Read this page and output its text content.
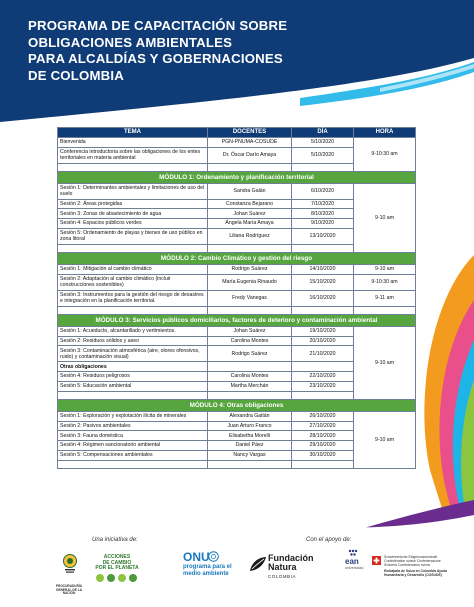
PROGRAMA DE CAPACITACIÓN SOBRE
OBLIGACIONES AMBIENTALES
PARA ALCALDÍAS Y GOBERNACIONES
DE COLOMBIA
TEMA	DOCENTES	DÍA	HORA
Bienvenida	PGN-PNUMA-COSUDE	5/10/2020	9-10:30 am
Conferencia introductoria sobre las obligaciones de los entes territoriales en materia ambiental	Dr. Óscar Darío Amaya	5/10/2020	

MÓDULO 1: Ordenamiento y planificación territorial			
Sesión 1: Determinantes ambientales y limitaciones de uso del suelo	Sandra Galán	6/10/2020	9-10 am
Sesión 2: Áreas protegidas	Constanza Bejarano	7/10/2020	
Sesión 3: Zonas de abastecimiento de agua	Johan Suárez	8/10/2020	
Sesión 4: Espacios públicos verdes	Ángela María Amaya	9/10/2020	
Sesión 5: Ordenamiento de playas y bienes de uso público en zona litoral	Liliana Rodríguez	13/10/2020	

MÓDULO 2: Cambio Climático y gestión del riesgo			
Sesión 1: Mitigación al cambio climático	Rodrigo Suárez	14/10/2020	9-10 am
Sesión 2: Adaptación al cambio climático (incluir construcciones sostenibles)	María Eugenia Rinaudo	15/10/2020	9-10:30 am
Sesión 3: Instrumentos para la gestión del riesgo de desastres e integración en la planificación territorial.	Fredy Vanegas	16/10/2020	9-11 am

MÓDULO 3: Servicios públicos domiciliarios, factores de deterioro y contaminación ambiental			
Sesión 1: Acueducto, alcantarillado y vertimientos.	Johan Suárez	19/10/2020	9-10 am
Sesión 2: Residuos sólidos y aseo	Carolina Montes	20/10/2020	
Sesión 3: Contaminación atmosférica (aire, olores ofensivos, ruido) y contaminación visual)	Rodrigo Suárez	21/10/2020	
Otras obligaciones			
Sesión 4: Residuos peligrosos	Carolina Montes	22/10/2020	
Sesión 5: Educación ambiental	Martha Merchán	23/10/2020	

MÓDULO 4: Otras obligaciones			
Sesión 1: Exploración y explotación ilícita de minerales	Alexandra Gaitán	26/10/2020	9-10 am
Sesión 2: Pasivos ambientales	Juan Arturo Franco	27/10/2020	
Sesión 3: Fauna doméstica	Elisabetha Morelli	28/10/2020	
Sesión 4: Régimen sancionatorio ambiental	Daniel Páez	29/10/2020	
Sesión 5: Compensaciones ambientales	Nancy Vargas	30/10/2020	

Una iniciativa de:	Con el apoyo de:
PROCURADURÍA GENERAL DE LA NACIÓN
ACCIONES
DE CAMBIO
POR EL PLANETA
ONU
programa para el
medio ambiente
Fundación
Natura
COLOMBIA
ean
universidad
Schweizerische Eidgenossenschaft Confédération suisse Confederazione Svizzera Confederaziun svizra
Embajada de Suiza en Colombia Ayuda Humanitaria y Desarrollo (COSUDE)
